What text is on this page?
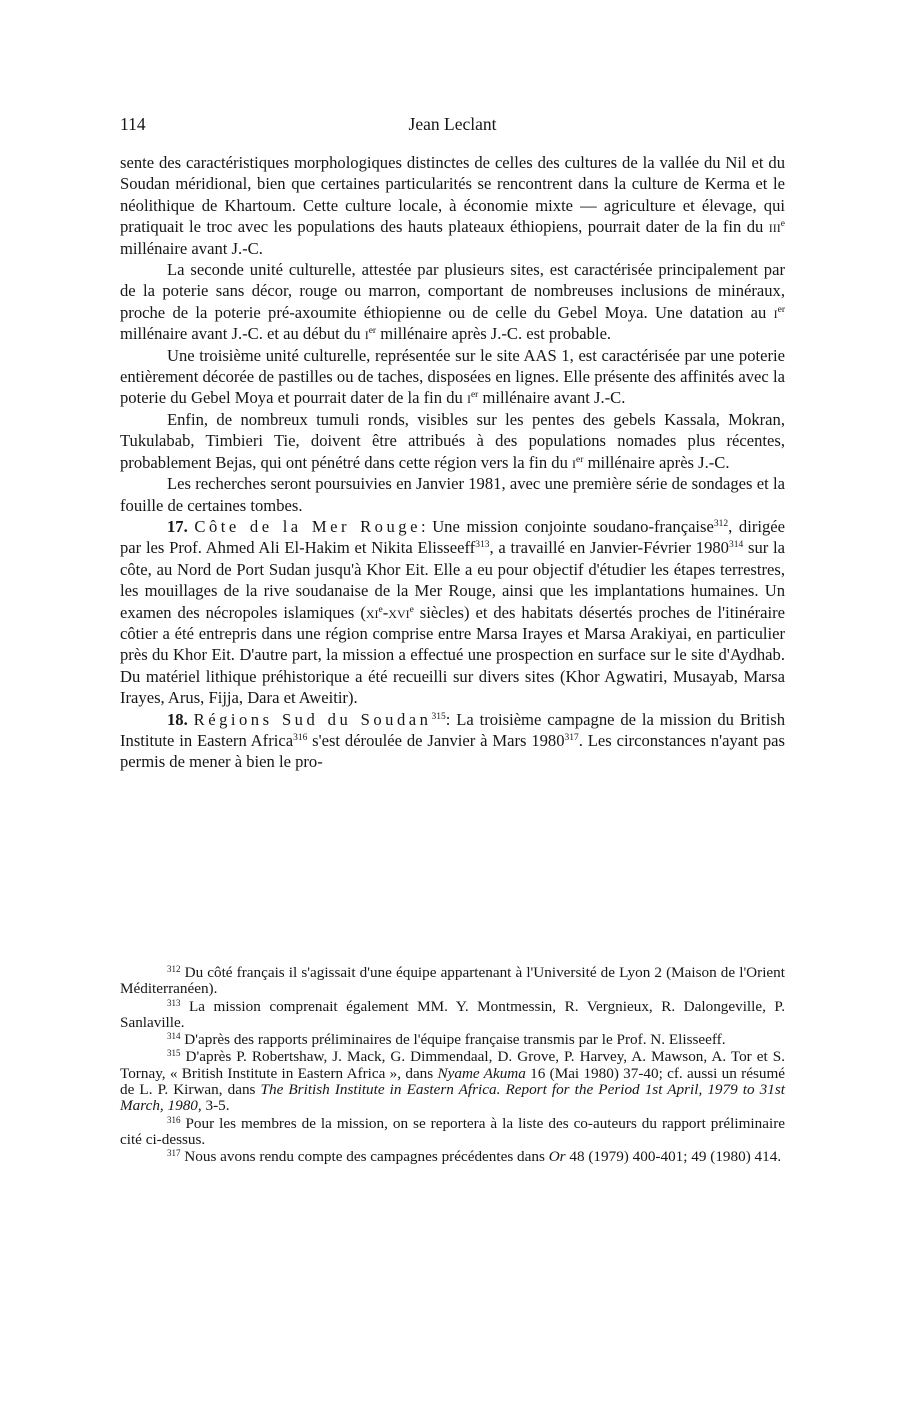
114	Jean Leclant

sente des caractéristiques morphologiques distinctes de celles des cultures de la vallée du Nil et du Soudan méridional, bien que certaines particularités se rencontrent dans la culture de Kerma et le néolithique de Khartoum. Cette culture locale, à économie mixte — agriculture et élevage, qui pratiquait le troc avec les populations des hauts plateaux éthiopiens, pourrait dater de la fin du iii$^e$ millénaire avant J.-C.

La seconde unité culturelle, attestée par plusieurs sites, est caractérisée principalement par de la poterie sans décor, rouge ou marron, comportant de nombreuses inclusions de minéraux, proche de la poterie pré-axoumite éthiopienne ou de celle du Gebel Moya. Une datation au $i^{er}$ millénaire avant J.-C. et au début du $i^{er}$ millénaire après J.-C. est probable.

Une troisième unité culturelle, représentée sur le site AAS 1, est caractérisée par une poterie entièrement décorée de pastilles ou de taches, disposées en lignes. Elle présente des affinités avec la poterie du Gebel Moya et pourrait dater de la fin du $i^{er}$ millénaire avant J.-C.

Enfin, de nombreux tumuli ronds, visibles sur les pentes des gebels Kassala, Mokran, Tukulabab, Timbieri Tie, doivent être attribués à des populations nomades plus récentes, probablement Bejas, qui ont pénétré dans cette région vers la fin du $i^{er}$ millénaire après J.-C.

Les recherches seront poursuivies en Janvier 1981, avec une première série de sondages et la fouille de certaines tombes.

17. Côte de la Mer Rouge: Une mission conjointe soudano-française$^{312}$, dirigée par les Prof. Ahmed Ali El-Hakim et Nikita Elisseeff$^{313}$, a travaillé en Janvier-Février 1980$^{314}$ sur la côte, au Nord de Port Sudan jusqu'à Khor Eit. Elle a eu pour objectif d'étudier les étapes terrestres, les mouillages de la rive soudanaise de la Mer Rouge, ainsi que les implantations humaines. Un examen des nécropoles islamiques ($xi^e-xvi^e$ siècles) et des habitats désertés proches de l'itinéraire côtier a été entrepris dans une région comprise entre Marsa Irayes et Marsa Arakiyai, en particulier près du Khor Eit. D'autre part, la mission a effectué une prospection en surface sur le site d'Aydhab. Du matériel lithique préhistorique a été recueilli sur divers sites (Khor Agwatiri, Musayab, Marsa Irayes, Arus, Fijja, Dara et Aweitir).

18. Régions Sud du Soudan$^{315}$: La troisième campagne de la mission du British Institute in Eastern Africa$^{316}$ s'est déroulée de Janvier à Mars 1980$^{317}$. Les circonstances n'ayant pas permis de mener à bien le pro-

$^{312}$ Du côté français il s'agissait d'une équipe appartenant à l'Université de Lyon 2 (Maison de l'Orient Méditerranéen).

$^{313}$ La mission comprenait également MM. Y. Montmessin, R. Vergnieux, R. Dalongeville, P. Sanlaville.

$^{314}$ D'après des rapports préliminaires de l'équipe française transmis par le Prof. N. Elisseeff.

$^{315}$ D'après P. Robertshaw, J. Mack, G. Dimmendaal, D. Grove, P. Harvey, A. Mawson, A. Tor et S. Tornay, « British Institute in Eastern Africa », dans Nyame Akuma 16 (Mai 1980) 37-40; cf. aussi un résumé de L. P. Kirwan, dans The British Institute in Eastern Africa. Report for the Period 1st April, 1979 to 31st March, 1980, 3-5.

$^{316}$ Pour les membres de la mission, on se reportera à la liste des co-auteurs du rapport préliminaire cité ci-dessus.

$^{317}$ Nous avons rendu compte des campagnes précédentes dans Or 48 (1979) 400-401; 49 (1980) 414.
